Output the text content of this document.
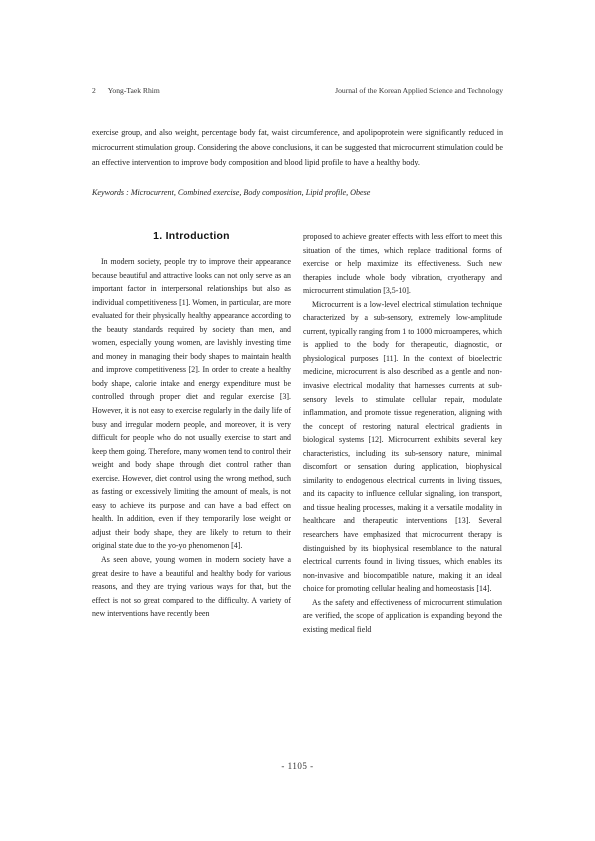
2 Yong-Taek Rhim	Journal of the Korean Applied Science and Technology
exercise group, and also weight, percentage body fat, waist circumference, and apolipoprotein were significantly reduced in microcurrent stimulation group. Considering the above conclusions, it can be suggested that microcurrent stimulation could be an effective intervention to improve body composition and blood lipid profile to have a healthy body.
Keywords : Microcurrent, Combined exercise, Body composition, Lipid profile, Obese
1. Introduction

In modern society, people try to improve their appearance because beautiful and attractive looks can not only serve as an important factor in interpersonal relationships but also as individual competitiveness [1]. Women, in particular, are more evaluated for their physically healthy appearance according to the beauty standards required by society than men, and women, especially young women, are lavishly investing time and money in managing their body shapes to maintain health and improve competitiveness [2]. In order to create a healthy body shape, calorie intake and energy expenditure must be controlled through proper diet and regular exercise [3]. However, it is not easy to exercise regularly in the daily life of busy and irregular modern people, and moreover, it is very difficult for people who do not usually exercise to start and keep them going. Therefore, many women tend to control their weight and body shape through diet control rather than exercise. However, diet control using the wrong method, such as fasting or excessively limiting the amount of meals, is not easy to achieve its purpose and can have a bad effect on health. In addition, even if they temporarily lose weight or adjust their body shape, they are likely to return to their original state due to the yo-yo phenomenon [4].

As seen above, young women in modern society have a great desire to have a beautiful and healthy body for various reasons, and they are trying various ways for that, but the effect is not so great compared to the difficulty. A variety of new interventions have recently been

proposed to achieve greater effects with less effort to meet this situation of the times, which replace traditional forms of exercise or help maximize its effectiveness. Such new therapies include whole body vibration, cryotherapy and microcurrent stimulation [3,5-10].

Microcurrent is a low-level electrical stimulation technique characterized by a sub-sensory, extremely low-amplitude current, typically ranging from 1 to 1000 microamperes, which is applied to the body for therapeutic, diagnostic, or physiological purposes [11]. In the context of bioelectric medicine, microcurrent is also described as a gentle and non-invasive electrical modality that harnesses currents at sub-sensory levels to stimulate cellular repair, modulate inflammation, and promote tissue regeneration, aligning with the concept of restoring natural electrical gradients in biological systems [12]. Microcurrent exhibits several key characteristics, including its sub-sensory nature, minimal discomfort or sensation during application, biophysical similarity to endogenous electrical currents in living tissues, and its capacity to influence cellular signaling, ion transport, and tissue healing processes, making it a versatile modality in healthcare and therapeutic interventions [13]. Several researchers have emphasized that microcurrent therapy is distinguished by its biophysical resemblance to the natural electrical currents found in living tissues, which enables its non-invasive and biocompatible nature, making it an ideal choice for promoting cellular healing and homeostasis [14].

As the safety and effectiveness of microcurrent stimulation are verified, the scope of application is expanding beyond the existing medical field

- 1105 -
